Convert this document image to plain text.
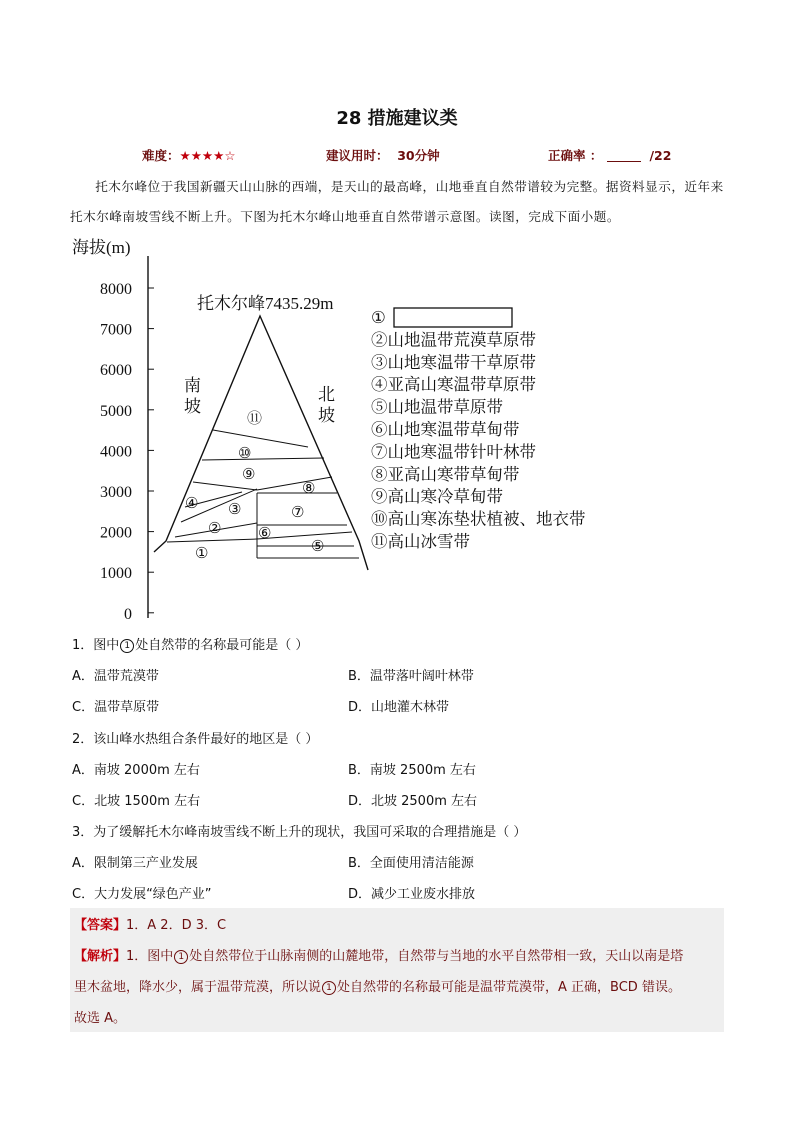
28 措施建议类
难度：★★★★☆	建议用时： 30分钟	正确率 ：	/22
托木尔峰位于我国新疆天山山脉的西端，是天山的最高峰，山地垂直自然带谱较为完整。据资料显示，近年来托木尔峰南坡雪线不断上升。下图为托木尔峰山地垂直自然带谱示意图。读图，完成下面小题。
海拔(m)
8000
7000
6000
5000
4000
3000
2000
1000
0
托木尔峰7435.29m
南
坡
北
坡
⑪
⑩
⑨
⑧
④ ③	⑦
② ⑥
①	⑤
①
②山地温带荒漠草原带
③山地寒温带干草原带
④亚高山寒温带草原带
⑤山地温带草原带
⑥山地寒温带草甸带
⑦山地寒温带针叶林带
⑧亚高山寒带草甸带
⑨高山寒冷草甸带
⑩高山寒冻垫状植被、地衣带
⑪高山冰雪带
1．图中 1 处自然带的名称最可能是（ ）
A．温带荒漠带	B．温带落叶阔叶林带
C．温带草原带	D．山地灌木林带
2．该山峰水热组合条件最好的地区是（ ）
A．南坡 2000m 左右	B．南坡 2500m 左右
C．北坡 1500m 左右	D．北坡 2500m 左右
3．为了缓解托木尔峰南坡雪线不断上升的现状，我国可采取的合理措施是（ ）
A．限制第三产业发展	B．全面使用清洁能源
C．大力发展“绿色产业”	D．减少工业废水排放
【答案】1．A 2．D 3．C
【解析】1．图中 1 处自然带位于山脉南侧的山麓地带，自然带与当地的水平自然带相一致，天山以南是塔
里木盆地，降水少，属于温带荒漠，所以说 1 处自然带的名称最可能是温带荒漠带，A 正确，BCD 错误。
故选 A。
